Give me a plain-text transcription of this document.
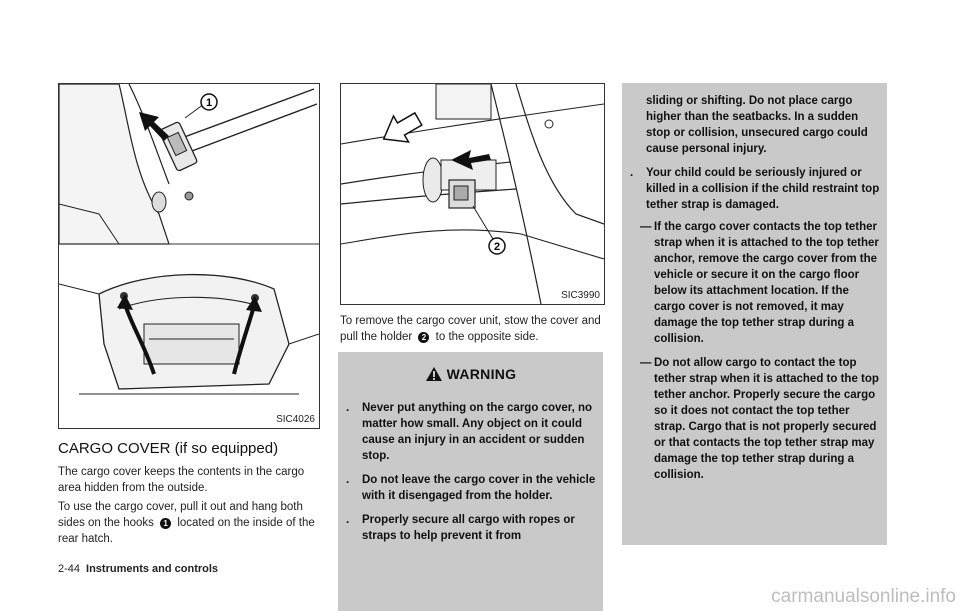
1
SIC4026
CARGO COVER (if so equipped)
The cargo cover keeps the contents in the cargo area hidden from the outside.
To use the cargo cover, pull it out and hang both sides on the hooks 1 located on the inside of the rear hatch.
2
SIC3990
To remove the cargo cover unit, stow the cover and pull the holder 2 to the opposite side.
WARNING
. Never put anything on the cargo cover, no matter how small. Any object on it could cause an injury in an accident or sudden stop.
. Do not leave the cargo cover in the vehicle with it disengaged from the holder.
. Properly secure all cargo with ropes or straps to help prevent it from
sliding or shifting. Do not place cargo higher than the seatbacks. In a sudden stop or collision, unsecured cargo could cause personal injury.
. Your child could be seriously injured or killed in a collision if the child restraint top tether strap is damaged.
— If the cargo cover contacts the top tether strap when it is attached to the top tether anchor, remove the cargo cover from the vehicle or secure it on the cargo floor below its attachment location. If the cargo cover is not removed, it may damage the top tether strap during a collision.
— Do not allow cargo to contact the top tether strap when it is attached to the top tether anchor. Properly secure the cargo so it does not contact the top tether strap. Cargo that is not properly secured or that contacts the top tether strap may damage the top tether strap during a collision.
2-44 Instruments and controls
carmanualsonline.info
